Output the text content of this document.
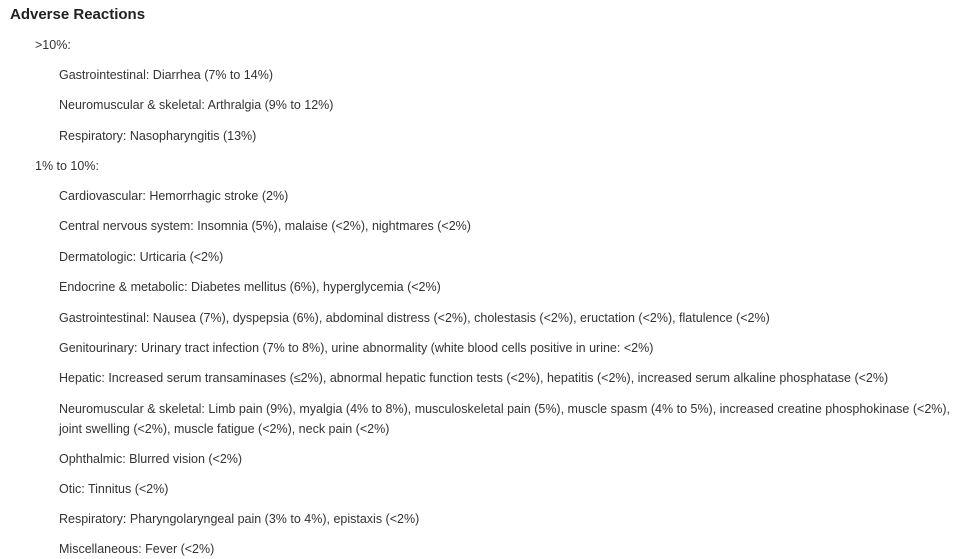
Adverse Reactions
>10%:
Gastrointestinal: Diarrhea (7% to 14%)
Neuromuscular & skeletal: Arthralgia (9% to 12%)
Respiratory: Nasopharyngitis (13%)
1% to 10%:
Cardiovascular: Hemorrhagic stroke (2%)
Central nervous system: Insomnia (5%), malaise (<2%), nightmares (<2%)
Dermatologic: Urticaria (<2%)
Endocrine & metabolic: Diabetes mellitus (6%), hyperglycemia (<2%)
Gastrointestinal: Nausea (7%), dyspepsia (6%), abdominal distress (<2%), cholestasis (<2%), eructation (<2%), flatulence (<2%)
Genitourinary: Urinary tract infection (7% to 8%), urine abnormality (white blood cells positive in urine: <2%)
Hepatic: Increased serum transaminases (≤2%), abnormal hepatic function tests (<2%), hepatitis (<2%), increased serum alkaline phosphatase (<2%)
Neuromuscular & skeletal: Limb pain (9%), myalgia (4% to 8%), musculoskeletal pain (5%), muscle spasm (4% to 5%), increased creatine phosphokinase (<2%), joint swelling (<2%), muscle fatigue (<2%), neck pain (<2%)
Ophthalmic: Blurred vision (<2%)
Otic: Tinnitus (<2%)
Respiratory: Pharyngolaryngeal pain (3% to 4%), epistaxis (<2%)
Miscellaneous: Fever (<2%)
